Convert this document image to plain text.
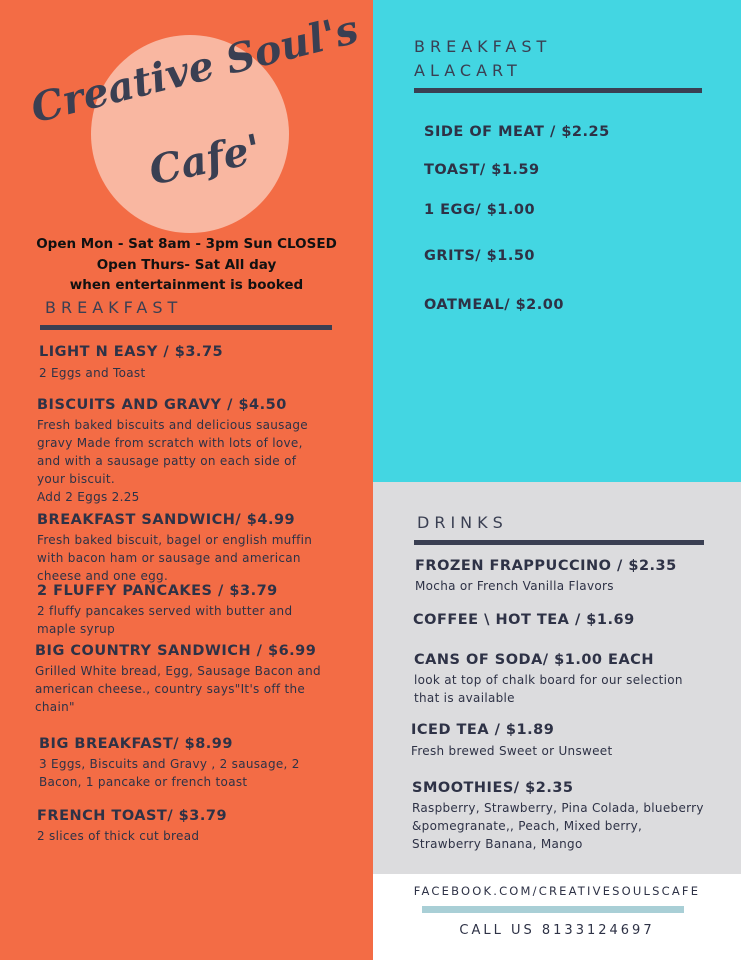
Creative Soul's
Cafe'
Open Mon - Sat 8am - 3pm Sun CLOSED
Open Thurs- Sat All day
when entertainment is booked
BREAKFAST
LIGHT N EASY / $3.75
2 Eggs and Toast
BISCUITS AND GRAVY / $4.50
Fresh baked biscuits and delicious sausage gravy Made from scratch with lots of love, and with a sausage patty on each side of your biscuit.
Add 2 Eggs 2.25
BREAKFAST SANDWICH/ $4.99
Fresh baked biscuit, bagel or english muffin with bacon ham or sausage and american cheese and one egg.
2 FLUFFY PANCAKES / $3.79
2 fluffy pancakes served with butter and maple syrup
BIG COUNTRY SANDWICH / $6.99
Grilled White bread, Egg, Sausage Bacon and american cheese., country says"It's off the chain"
BIG BREAKFAST/ $8.99
3 Eggs, Biscuits and Gravy , 2 sausage, 2 Bacon, 1 pancake or french toast
FRENCH TOAST/ $3.79
2 slices of thick cut bread
BREAKFAST
ALACART
SIDE OF MEAT / $2.25
TOAST/ $1.59
1 EGG/ $1.00
GRITS/ $1.50
OATMEAL/ $2.00
DRINKS
FROZEN FRAPPUCCINO / $2.35
Mocha or French Vanilla Flavors
COFFEE \ HOT TEA / $1.69
CANS OF SODA/ $1.00 EACH
look at top of chalk board for our selection that is available
ICED TEA / $1.89
Fresh brewed Sweet or Unsweet
SMOOTHIES/ $2.35
Raspberry, Strawberry, Pina Colada, blueberry &pomegranate,, Peach, Mixed berry, Strawberry Banana, Mango
FACEBOOK.COM/CREATIVESOULSCAFE
CALL US 8133124697
